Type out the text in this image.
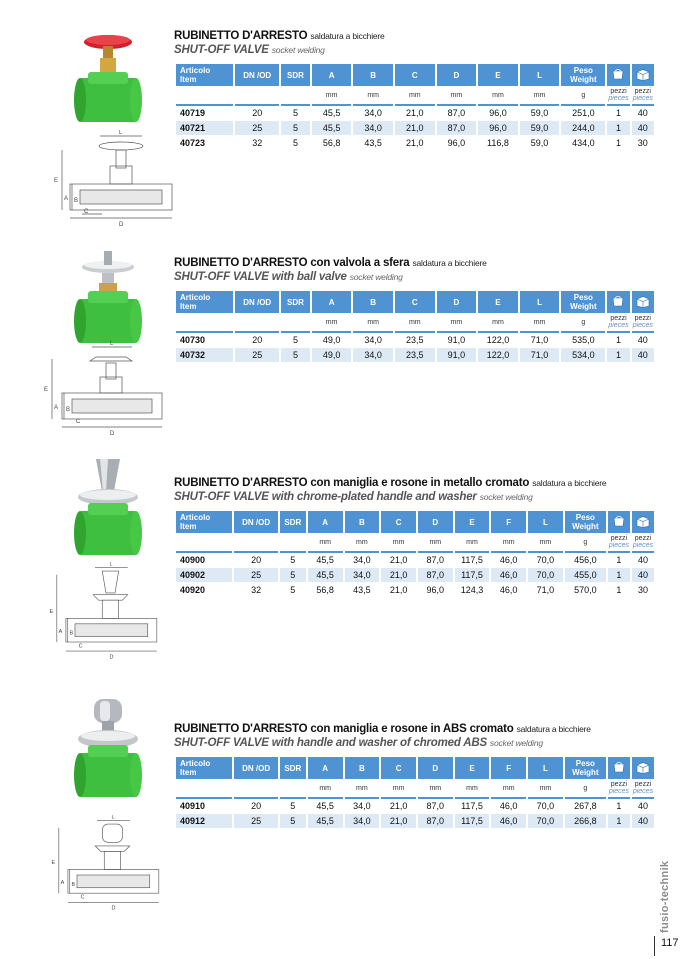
L
E
A B
C
D
RUBINETTO D'ARRESTO saldatura a bicchiere
SHUT-OFF VALVE socket welding
Articolo
Item	DN /OD	SDR	A	B	C	D	E	L	Peso
Weight		
			mm	mm	mm	mm	mm	mm	g	pezzi
pieces	pezzi
pieces

40719	20	5	45,5	34,0	21,0	87,0	96,0	59,0	251,0	1	40
40721	25	5	45,5	34,0	21,0	87,0	96,0	59,0	244,0	1	40
40723	32	5	56,8	43,5	21,0	96,0	116,8	59,0	434,0	1	30
L
E
A B
C
D
RUBINETTO D'ARRESTO con valvola a sfera saldatura a bicchiere
SHUT-OFF VALVE with ball valve socket welding
Articolo
Item	DN /OD	SDR	A	B	C	D	E	L	Peso
Weight		
			mm	mm	mm	mm	mm	mm	g	pezzi
pieces	pezzi
pieces

40730	20	5	49,0	34,0	23,5	91,0	122,0	71,0	535,0	1	40
40732	25	5	49,0	34,0	23,5	91,0	122,0	71,0	534,0	1	40
L
E
A B
C
D
RUBINETTO D'ARRESTO con maniglia e rosone in metallo cromato saldatura a bicchiere
SHUT-OFF VALVE with chrome-plated handle and washer socket welding
Articolo
Item	DN /OD	SDR	A	B	C	D	E	F	L	Peso
Weight		
			mm	mm	mm	mm	mm	mm	mm	g	pezzi
pieces	pezzi
pieces

40900	20	5	45,5	34,0	21,0	87,0	117,5	46,0	70,0	456,0	1	40
40902	25	5	45,5	34,0	21,0	87,0	117,5	46,0	70,0	455,0	1	40
40920	32	5	56,8	43,5	21,0	96,0	124,3	46,0	71,0	570,0	1	30
L
E
A B
C
D
RUBINETTO D'ARRESTO con maniglia e rosone in ABS cromato saldatura a bicchiere
SHUT-OFF VALVE with handle and washer of chromed ABS socket welding
Articolo
Item	DN /OD	SDR	A	B	C	D	E	F	L	Peso
Weight		
			mm	mm	mm	mm	mm	mm	mm	g	pezzi
pieces	pezzi
pieces

40910	20	5	45,5	34,0	21,0	87,0	117,5	46,0	70,0	267,8	1	40
40912	25	5	45,5	34,0	21,0	87,0	117,5	46,0	70,0	266,8	1	40
fusio-technik
117
